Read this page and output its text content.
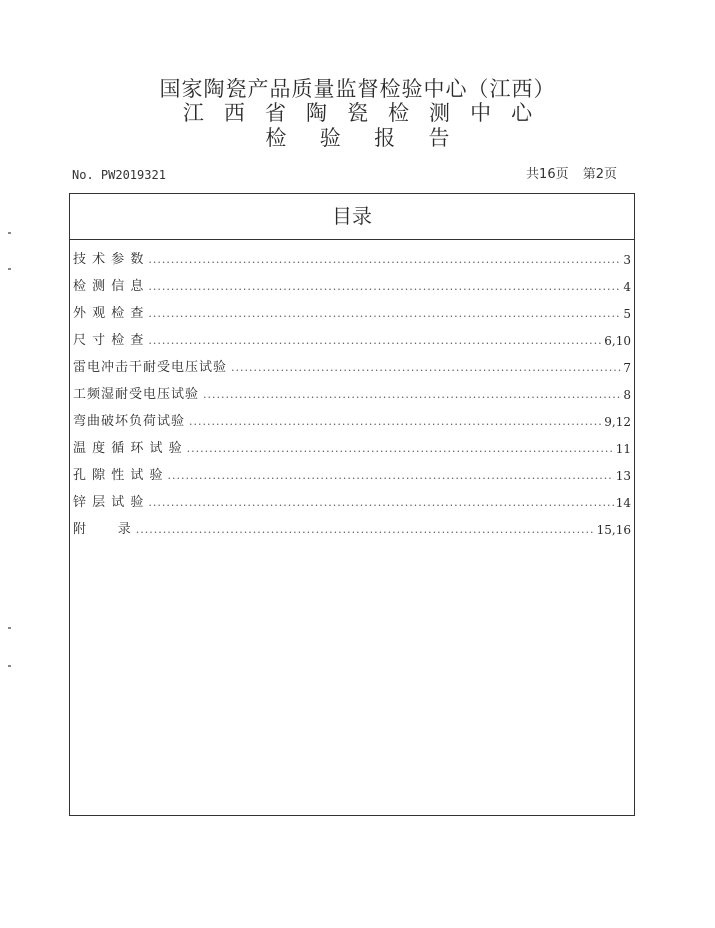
国家陶瓷产品质量监督检验中心（江西）
江   西   省   陶   瓷   检   测   中   心
检     验     报     告
No. PW2019321	共16页 第2页
目录
技 术 参 数 .....	3
检 测 信 息 .....	4
外 观 检 查 .....	5
尺 寸 检 查 .....	6,10
雷电冲击干耐受电压试验 .....	7
工频湿耐受电压试验 .....	8
弯曲破坏负荷试验 .....	9,12
温 度 循 环 试 验 .....	11
孔 隙 性 试 验 .....	13
锌 层 试 验 .....	14
附      录 .....	15,16
